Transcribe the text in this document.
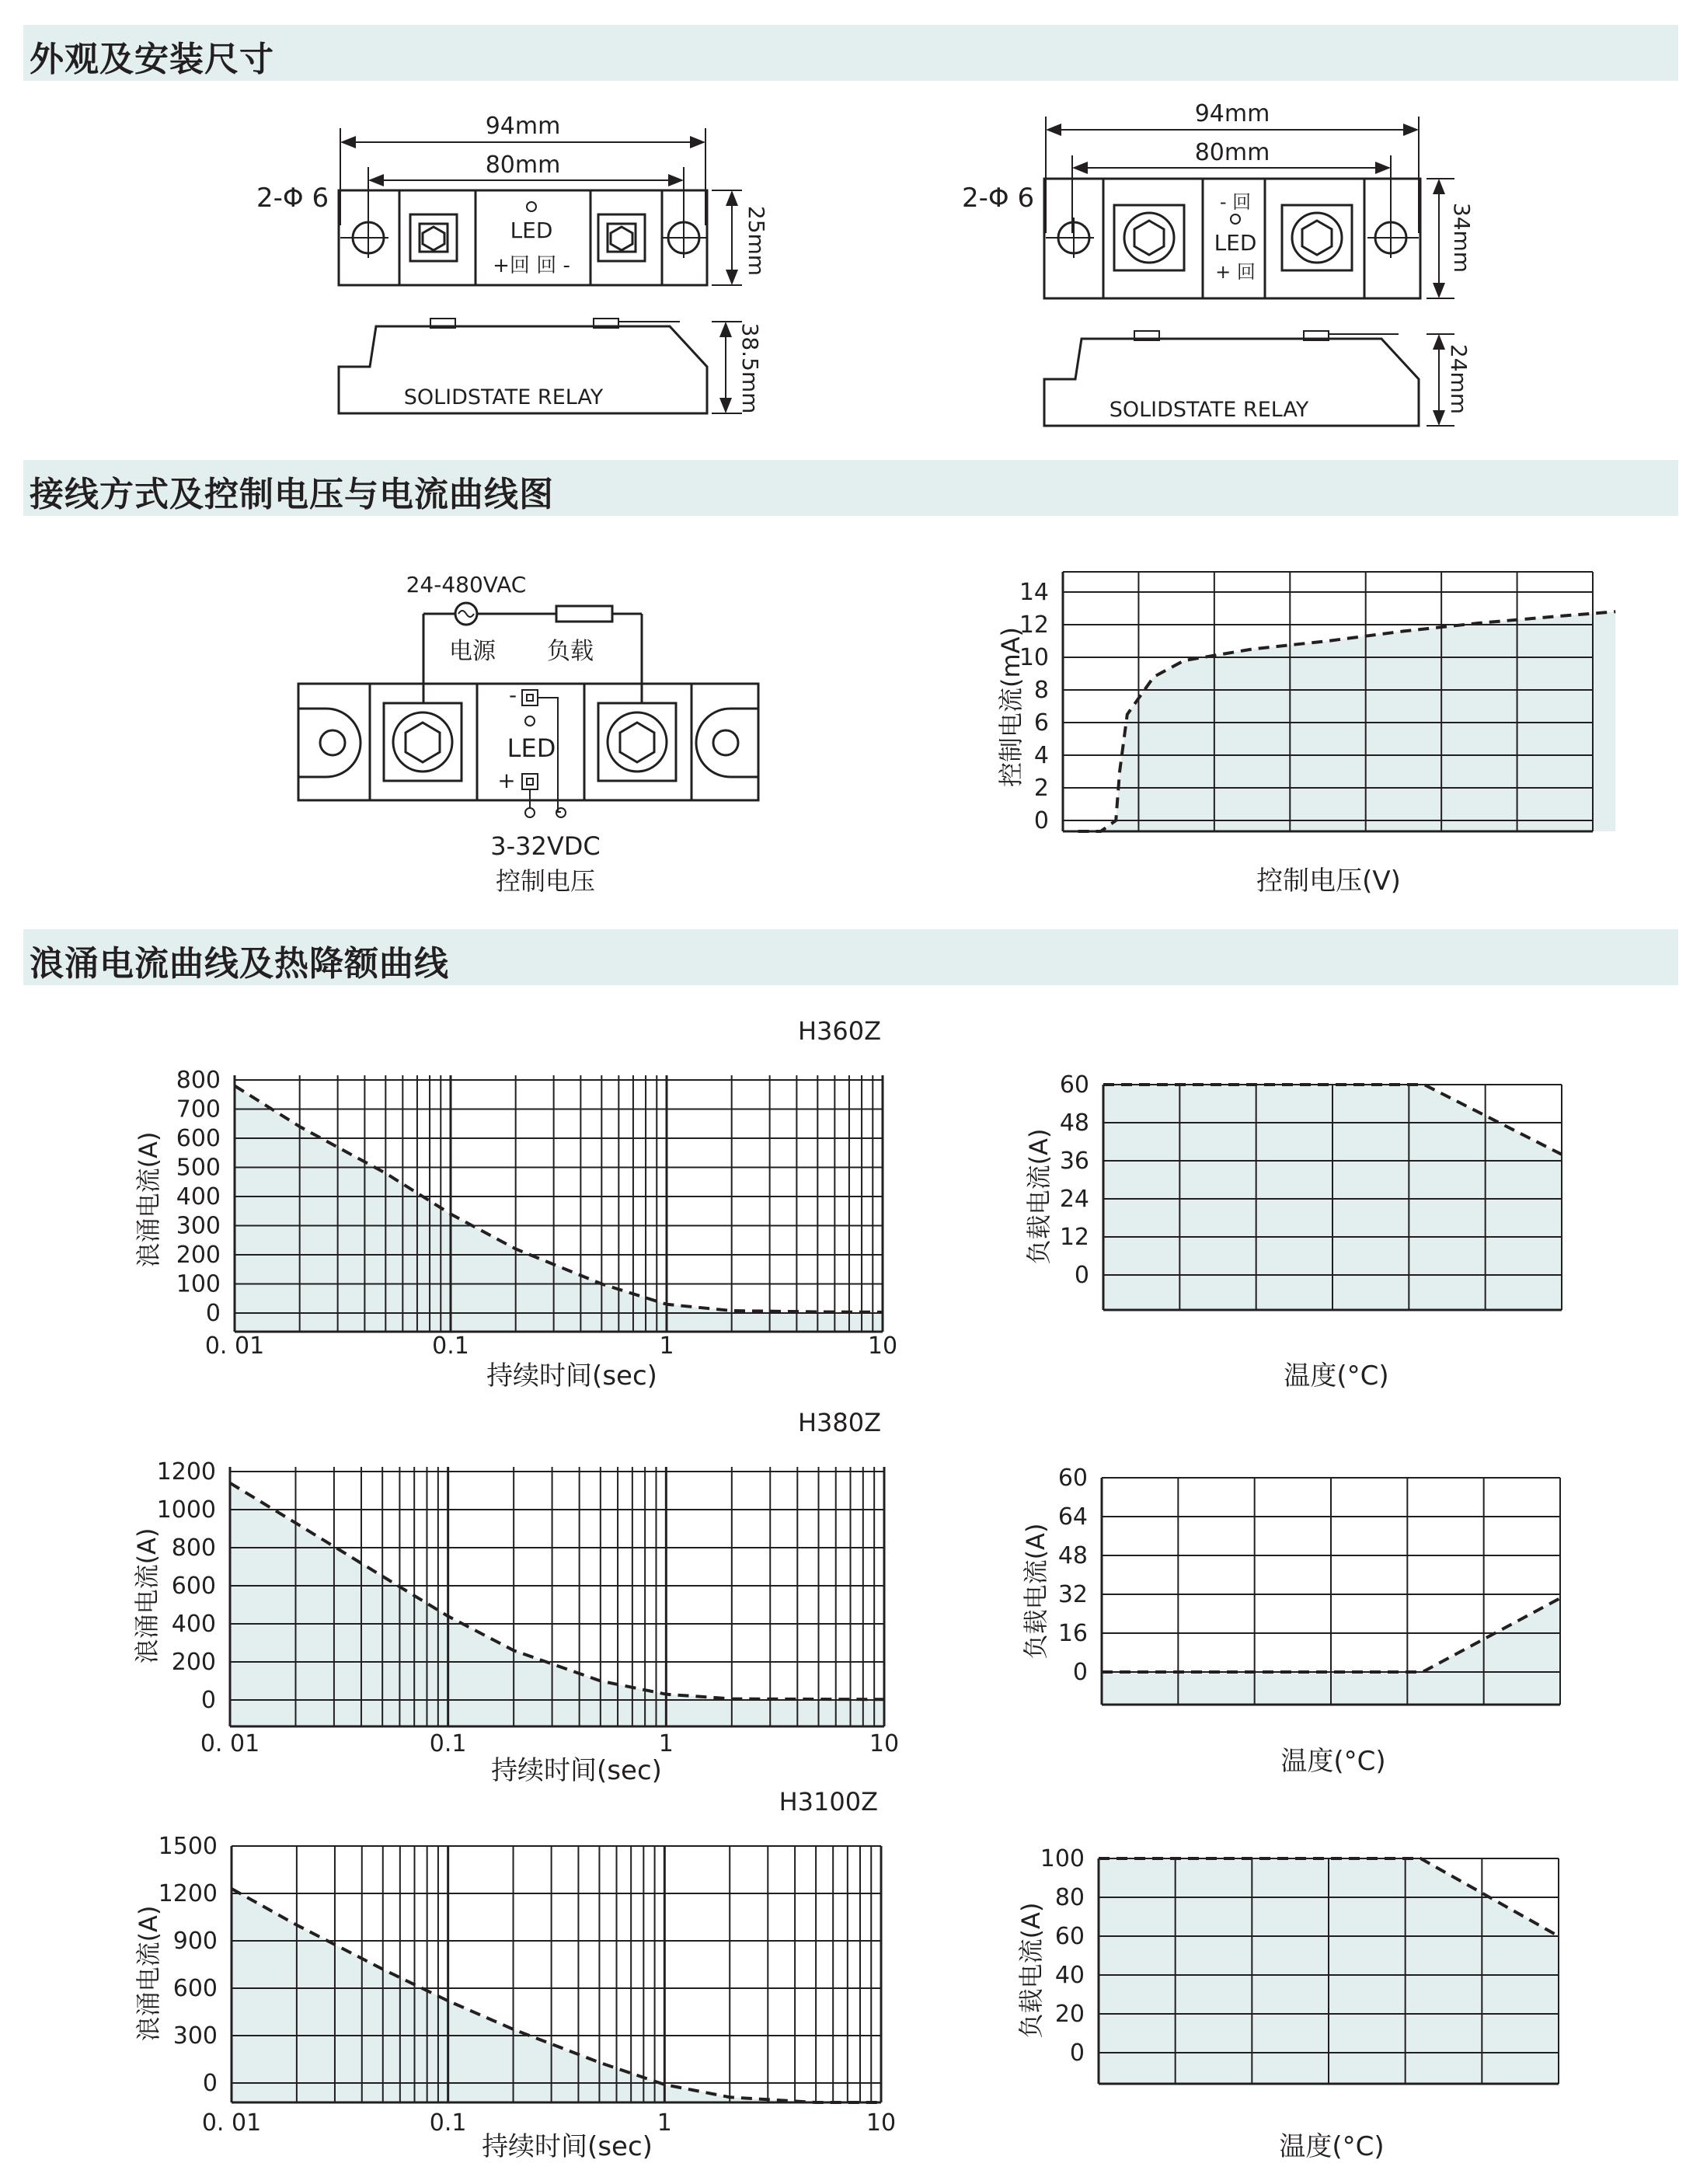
外观及安装尺寸
接线方式及控制电压与电流曲线图
浪涌电流曲线及热降额曲线
94mm
80mm
2-Φ 6
LED
+回 回 -	25mm
38.5mm
SOLIDSTATE RELAY
94mm
80mm
2-Φ 6	- 回
LED
+ 回	34mm
24mm
SOLIDSTATE RELAY
24-480VAC
电源 负载
LED
-
+
3-32VDC
控制电压
14
12
10
8
6
4
2
0
控制电压(V)
控制电流(mA)
800
700
600
500
400
300
200
100
0
0. 01	0.1	1	10
持续时间(sec)
浪涌电流(A)
H360Z
60
48
36
24
12
0
温度(°C)
负载电流(A)
1200
1000
800
600
400
200
0
0. 01	0.1	1	10
持续时间(sec)
浪涌电流(A)
H380Z
60
64
48
32
16
0
温度(°C)
负载电流(A)
1500
1200
900
600
300
0
0. 01	0.1	1	10
持续时间(sec)
浪涌电流(A)
H3100Z
100
80
60
40
20
0
温度(°C)
负载电流(A)
